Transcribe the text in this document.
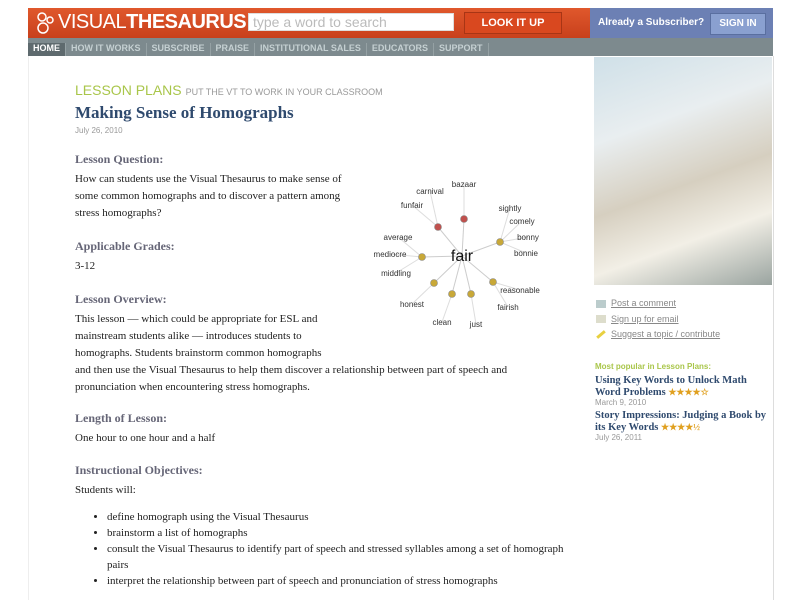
VISUALTHESAURUS type a word to search	LOOK IT UP	Already a Subscriber?	SIGN IN
HOME HOW IT WORKS SUBSCRIBE PRAISE INSTITUTIONAL SALES EDUCATORS SUPPORT
LESSON PLANS PUT THE VT TO WORK IN YOUR CLASSROOM
Making Sense of Homographs
July 26, 2010
Lesson Question:

How can students use the Visual Thesaurus to make sense of some common homographs and to discover a pattern among stress homographs?

Applicable Grades:

3-12

Lesson Overview:

This lesson — which could be appropriate for ESL and mainstream students alike — introduces students to homographs. Students brainstorm common homographs

and then use the Visual Thesaurus to help them discover a relationship between part of speech and pronunciation when encountering stress homographs.

Length of Lesson:

One hour to one hour and a half

Instructional Objectives:

Students will:

• define homograph using the Visual Thesaurus
• brainstorm a list of homographs
• consult the Visual Thesaurus to identify part of speech and stressed syllables among a set of homograph pairs
• interpret the relationship between part of speech and pronunciation of stress homographs
carnival
funfair
bazaar
sightly
comely
bonny
bonnie
average
mediocre
middling
honest
clean just
reasonable
fairish
fair
Post a comment
Sign up for email
Suggest a topic / contribute
Most popular in Lesson Plans:
Using Key Words to Unlock Math Word Problems ★★★★☆
March 9, 2010
Story Impressions: Judging a Book by its Key Words ★★★★½
July 26, 2011
